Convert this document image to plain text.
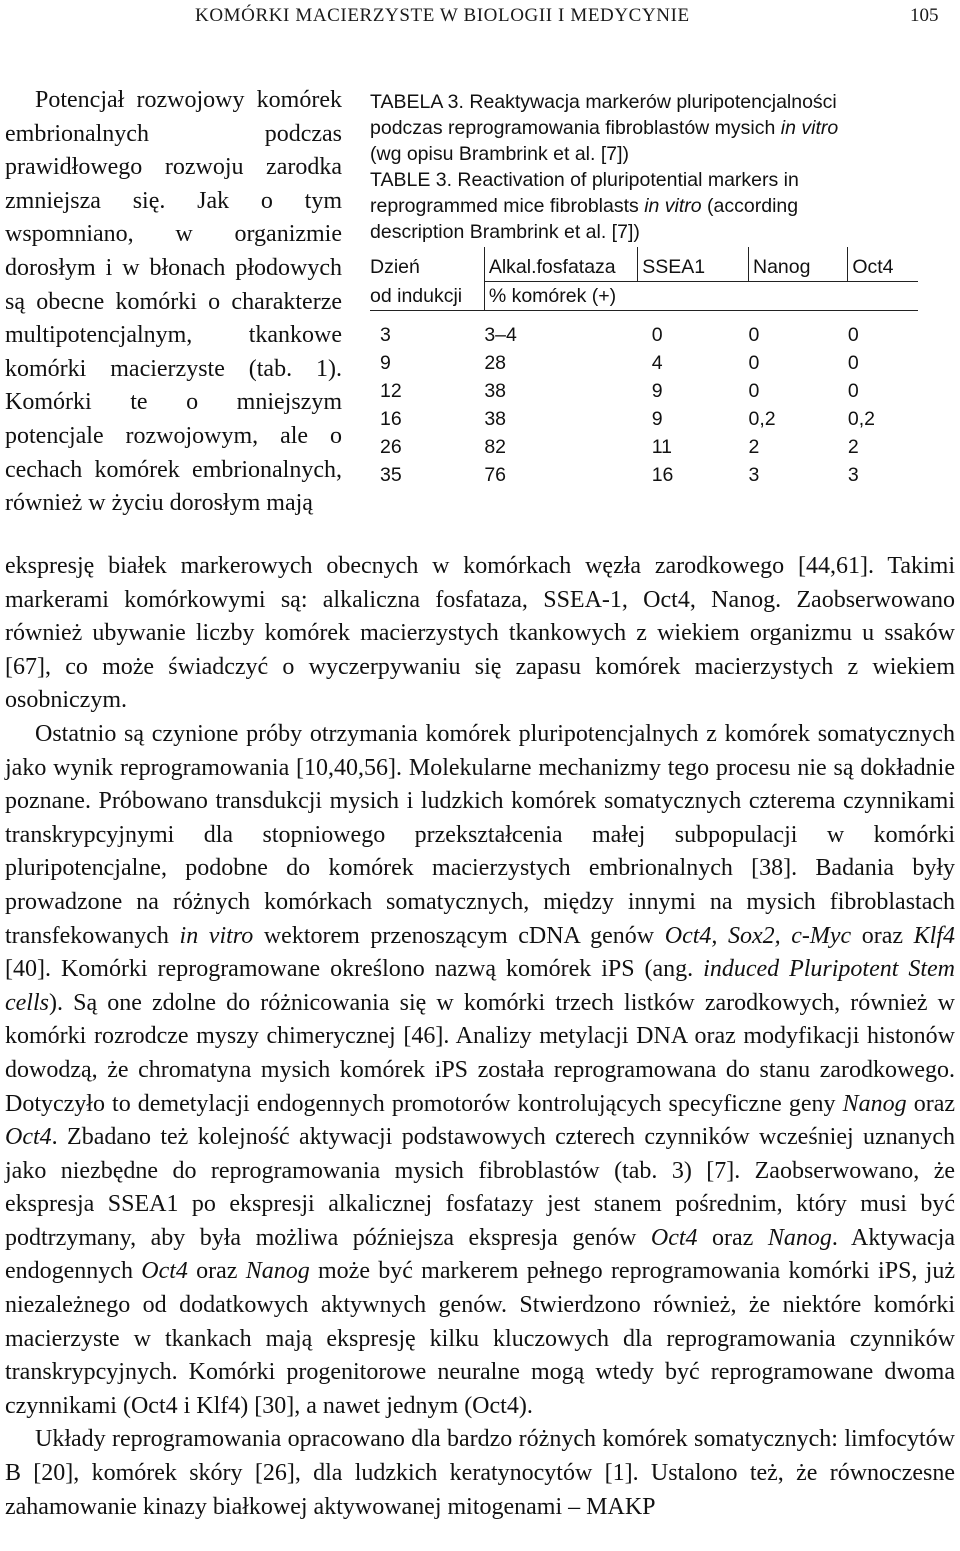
KOMÓRKI MACIERZYSTE W BIOLOGII I MEDYCYNIE	105

Potencjał rozwojowy komórek embrionalnych podczas prawidłowego rozwoju zarodka zmniejsza się. Jak o tym wspomniano, w organizmie dorosłym i w błonach płodowych są obecne komórki o charakterze multipotencjalnym, tkankowe komórki macierzyste (tab. 1). Komórki te o mniejszym potencjale rozwojowym, ale o cechach komórek embrionalnych, również w życiu dorosłym mają

TABELA 3. Reaktywacja markerów pluripotencjalności
podczas reprogramowania fibroblastów mysich in vitro
(wg opisu Brambrink et al. [7])
TABLE 3. Reactivation of pluripotential markers in
reprogrammed mice fibroblasts in vitro (according
description Brambrink et al. [7])
Dzień	Alkal.fosfataza	SSEA1	Nanog	Oct4
od indukcji	% komórek (+)			

3	3–4	0	0	0
9	28	4	0	0
12	38	9	0	0
16	38	9	0,2	0,2
26	82	11	2	2
35	76	16	3	3

ekspresję białek markerowych obecnych w komórkach węzła zarodkowego [44,61]. Takimi markerami komórkowymi są: alkaliczna fosfataza, SSEA-1, Oct4, Nanog. Zaobserwowano również ubywanie liczby komórek macierzystych tkankowych z wiekiem organizmu u ssaków [67], co może świadczyć o wyczerpywaniu się zapasu komórek macierzystych z wiekiem osobniczym.

Ostatnio są czynione próby otrzymania komórek pluripotencjalnych z komórek somatycznych jako wynik reprogramowania [10,40,56]. Molekularne mechanizmy tego procesu nie są dokładnie poznane. Próbowano transdukcji mysich i ludzkich komórek somatycznych czterema czynnikami transkrypcyjnymi dla stopniowego przekształcenia małej subpopulacji w komórki pluripotencjalne, podobne do komórek macierzystych embrionalnych [38]. Badania były prowadzone na różnych komórkach somatycznych, między innymi na mysich fibroblastach transfekowanych in vitro wektorem przenoszącym cDNA genów Oct4, Sox2, c-Myc oraz Klf4 [40]. Komórki reprogramowane określono nazwą komórek iPS (ang. induced Pluripotent Stem cells). Są one zdolne do różnicowania się w komórki trzech listków zarodkowych, również w komórki rozrodcze myszy chimerycznej [46]. Analizy metylacji DNA oraz modyfikacji histonów dowodzą, że chromatyna mysich komórek iPS została reprogramowana do stanu zarodkowego. Dotyczyło to demetylacji endogennych promotorów kontrolujących specyficzne geny Nanog oraz Oct4. Zbadano też kolejność aktywacji podstawowych czterech czynników wcześniej uznanych jako niezbędne do reprogramowania mysich fibroblastów (tab. 3) [7]. Zaobserwowano, że ekspresja SSEA1 po ekspresji alkalicznej fosfatazy jest stanem pośrednim, który musi być podtrzymany, aby była możliwa późniejsza ekspresja genów Oct4 oraz Nanog. Aktywacja endogennych Oct4 oraz Nanog może być markerem pełnego reprogramowania komórki iPS, już niezależnego od dodatkowych aktywnych genów. Stwierdzono również, że niektóre komórki macierzyste w tkankach mają ekspresję kilku kluczowych dla reprogramowania czynników transkrypcyjnych. Komórki progenitorowe neuralne mogą wtedy być reprogramowane dwoma czynnikami (Oct4 i Klf4) [30], a nawet jednym (Oct4).

Układy reprogramowania opracowano dla bardzo różnych komórek somatycznych: limfocytów B [20], komórek skóry [26], dla ludzkich keratynocytów [1]. Ustalono też, że równoczesne zahamowanie kinazy białkowej aktywowanej mitogenami – MAKP
